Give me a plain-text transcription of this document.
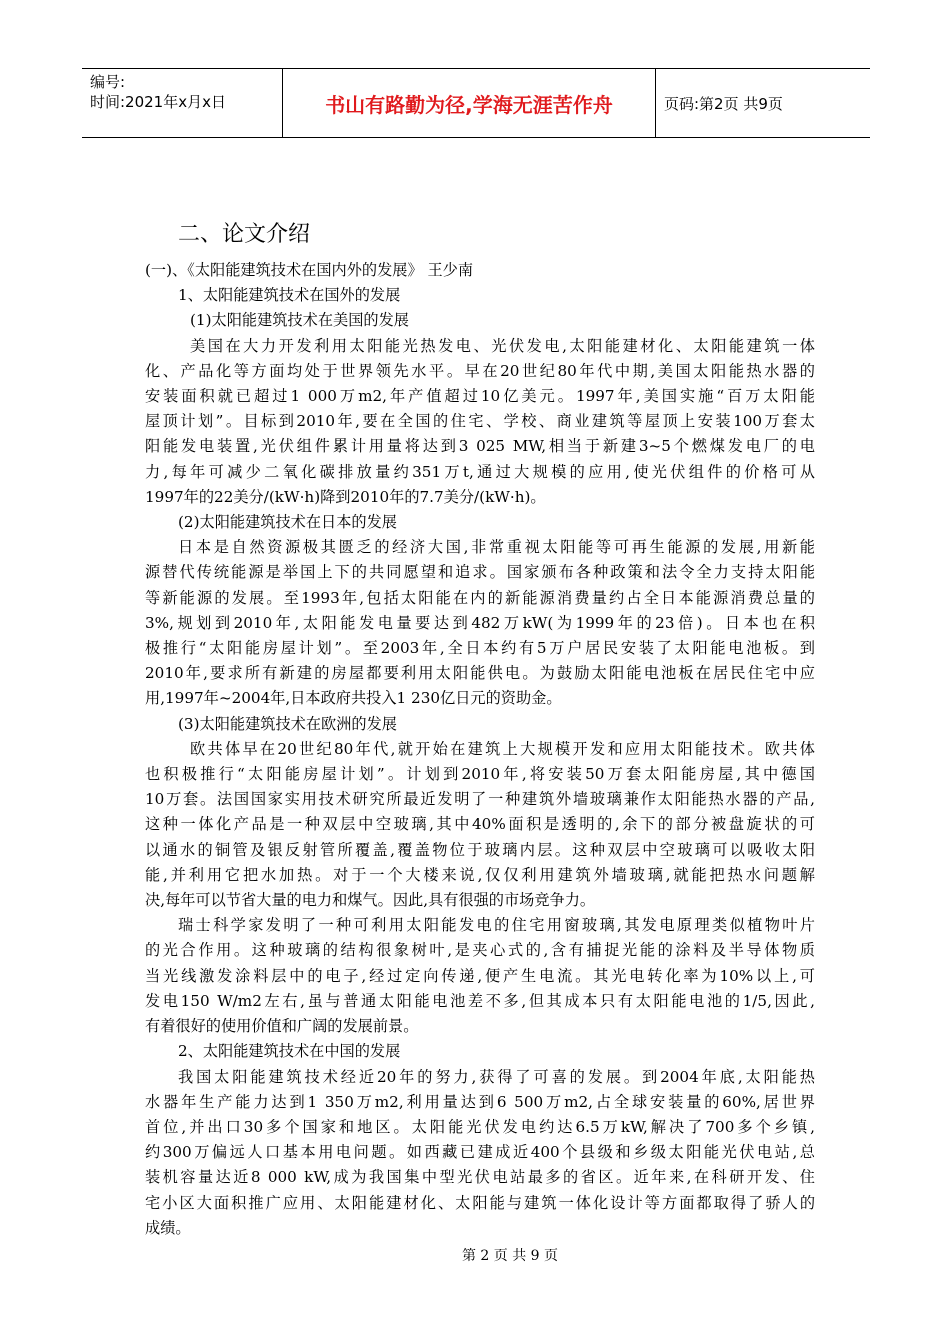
编号:
时间:2021年x月x日	书山有路勤为径,学海无涯苦作舟	页码:第2页 共9页
二、论文介绍
(一)、《太阳能建筑技术在国内外的发展》 王少南
1、太阳能建筑技术在国外的发展
(1)太阳能建筑技术在美国的发展
美国在大力开发利用太阳能光热发电、光伏发电,太阳能建材化、太阳能建筑一体
化、产品化等方面均处于世界领先水平。早在20世纪80年代中期,美国太阳能热水器的
安装面积就已超过1 000万m2,年产值超过10亿美元。1997年,美国实施“百万太阳能
屋顶计划”。目标到2010年,要在全国的住宅、学校、商业建筑等屋顶上安装100万套太
阳能发电装置,光伏组件累计用量将达到3 025 MW,相当于新建3~5个燃煤发电厂的电
力,每年可减少二氧化碳排放量约351万t,通过大规模的应用,使光伏组件的价格可从
1997年的22美分/(kW·h)降到2010年的7.7美分/(kW·h)。
(2)太阳能建筑技术在日本的发展
日本是自然资源极其匮乏的经济大国,非常重视太阳能等可再生能源的发展,用新能
源替代传统能源是举国上下的共同愿望和追求。国家颁布各种政策和法令全力支持太阳能
等新能源的发展。至1993年,包括太阳能在内的新能源消费量约占全日本能源消费总量的
3%,规划到2010年,太阳能发电量要达到482万kW(为1999年的23倍)。日本也在积
极推行“太阳能房屋计划”。至2003年,全日本约有5万户居民安装了太阳能电池板。到
2010年,要求所有新建的房屋都要利用太阳能供电。为鼓励太阳能电池板在居民住宅中应
用,1997年~2004年,日本政府共投入1 230亿日元的资助金。
(3)太阳能建筑技术在欧洲的发展
欧共体早在20世纪80年代,就开始在建筑上大规模开发和应用太阳能技术。欧共体
也积极推行“太阳能房屋计划”。计划到2010年,将安装50万套太阳能房屋,其中德国
10万套。法国国家实用技术研究所最近发明了一种建筑外墙玻璃兼作太阳能热水器的产品,
这种一体化产品是一种双层中空玻璃,其中40%面积是透明的,余下的部分被盘旋状的可
以通水的铜管及银反射管所覆盖,覆盖物位于玻璃内层。这种双层中空玻璃可以吸收太阳
能,并利用它把水加热。对于一个大楼来说,仅仅利用建筑外墙玻璃,就能把热水问题解
决,每年可以节省大量的电力和煤气。因此,具有很强的市场竞争力。
瑞士科学家发明了一种可利用太阳能发电的住宅用窗玻璃,其发电原理类似植物叶片
的光合作用。这种玻璃的结构很象树叶,是夹心式的,含有捕捉光能的涂料及半导体物质
当光线激发涂料层中的电子,经过定向传递,便产生电流。其光电转化率为10%以上,可
发电150 W/m2左右,虽与普通太阳能电池差不多,但其成本只有太阳能电池的1/5,因此,
有着很好的使用价值和广阔的发展前景。
2、太阳能建筑技术在中国的发展
我国太阳能建筑技术经近20年的努力,获得了可喜的发展。到2004年底,太阳能热
水器年生产能力达到1 350万m2,利用量达到6 500万m2,占全球安装量的60%,居世界
首位,并出口30多个国家和地区。太阳能光伏发电约达6.5万kW,解决了700多个乡镇,
约300万偏远人口基本用电问题。如西藏已建成近400个县级和乡级太阳能光伏电站,总
装机容量达近8 000 kW,成为我国集中型光伏电站最多的省区。近年来,在科研开发、住
宅小区大面积推广应用、太阳能建材化、太阳能与建筑一体化设计等方面都取得了骄人的
成绩。
第 2 页 共 9 页
